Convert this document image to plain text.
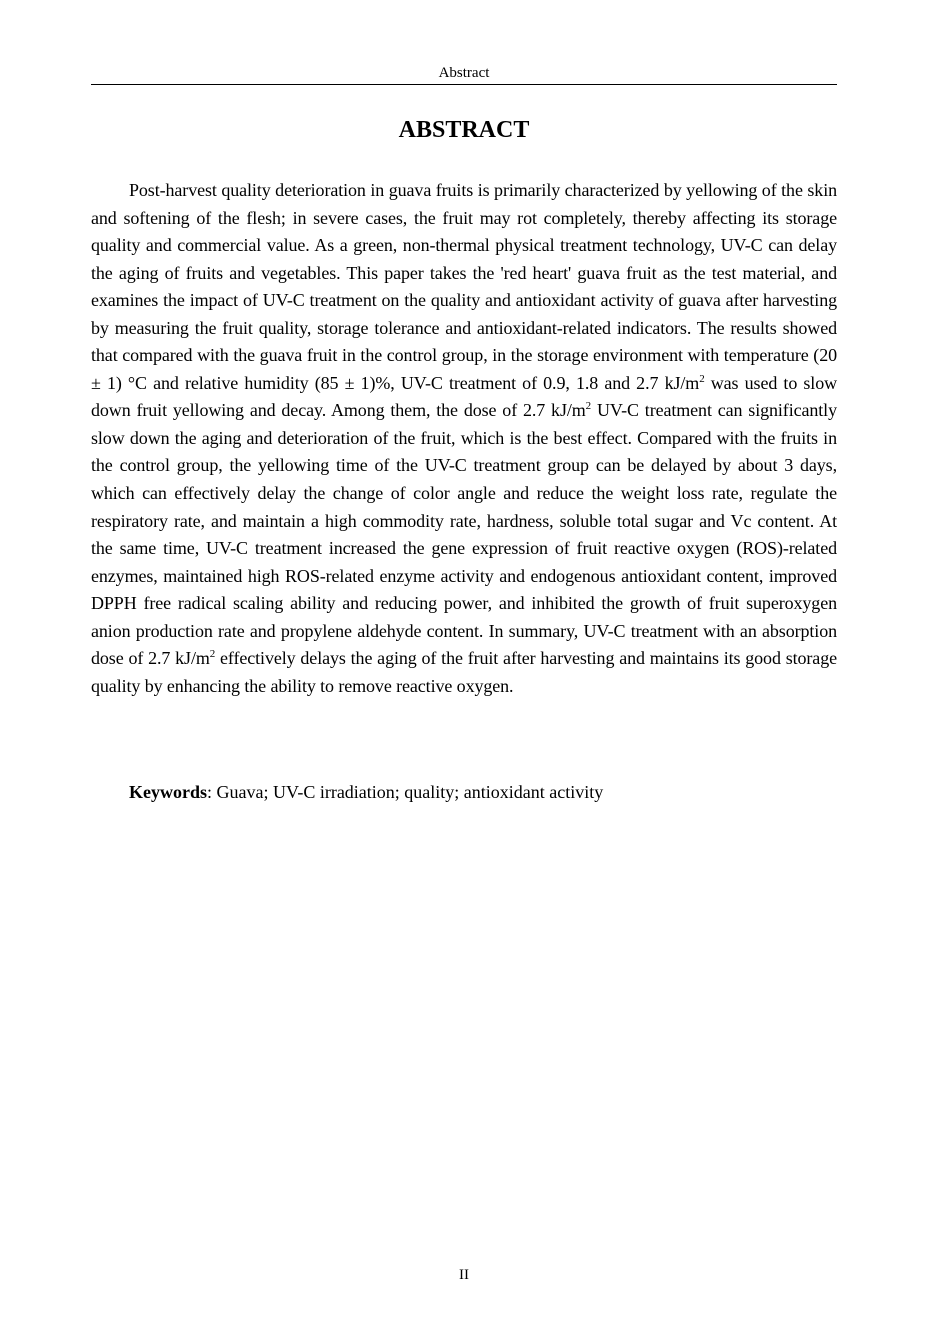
Abstract
ABSTRACT

Post-harvest quality deterioration in guava fruits is primarily characterized by yellowing of the skin and softening of the flesh; in severe cases, the fruit may rot completely, thereby affecting its storage quality and commercial value. As a green, non-thermal physical treatment technology, UV-C can delay the aging of fruits and vegetables. This paper takes the 'red heart' guava fruit as the test material, and examines the impact of UV-C treatment on the quality and antioxidant activity of guava after harvesting by measuring the fruit quality, storage tolerance and antioxidant-related indicators. The results showed that compared with the guava fruit in the control group, in the storage environment with temperature (20 ± 1) °C and relative humidity (85 ± 1)%, UV-C treatment of 0.9, 1.8 and 2.7 $kJ/m^2$ was used to slow down fruit yellowing and decay. Among them, the dose of 2.7 $kJ/m^2$ UV-C treatment can significantly slow down the aging and deterioration of the fruit, which is the best effect. Compared with the fruits in the control group, the yellowing time of the UV-C treatment group can be delayed by about 3 days, which can effectively delay the change of color angle and reduce the weight loss rate, regulate the respiratory rate, and maintain a high commodity rate, hardness, soluble total sugar and Vc content. At the same time, UV-C treatment increased the gene expression of fruit reactive oxygen (ROS)-related enzymes, maintained high ROS-related enzyme activity and endogenous antioxidant content, improved DPPH free radical scaling ability and reducing power, and inhibited the growth of fruit superoxygen anion production rate and propylene aldehyde content. In summary, UV-C treatment with an absorption dose of 2.7 $kJ/m^2$ effectively delays the aging of the fruit after harvesting and maintains its good storage quality by enhancing the ability to remove reactive oxygen.

Keywords: Guava; UV-C irradiation; quality; antioxidant activity

II
